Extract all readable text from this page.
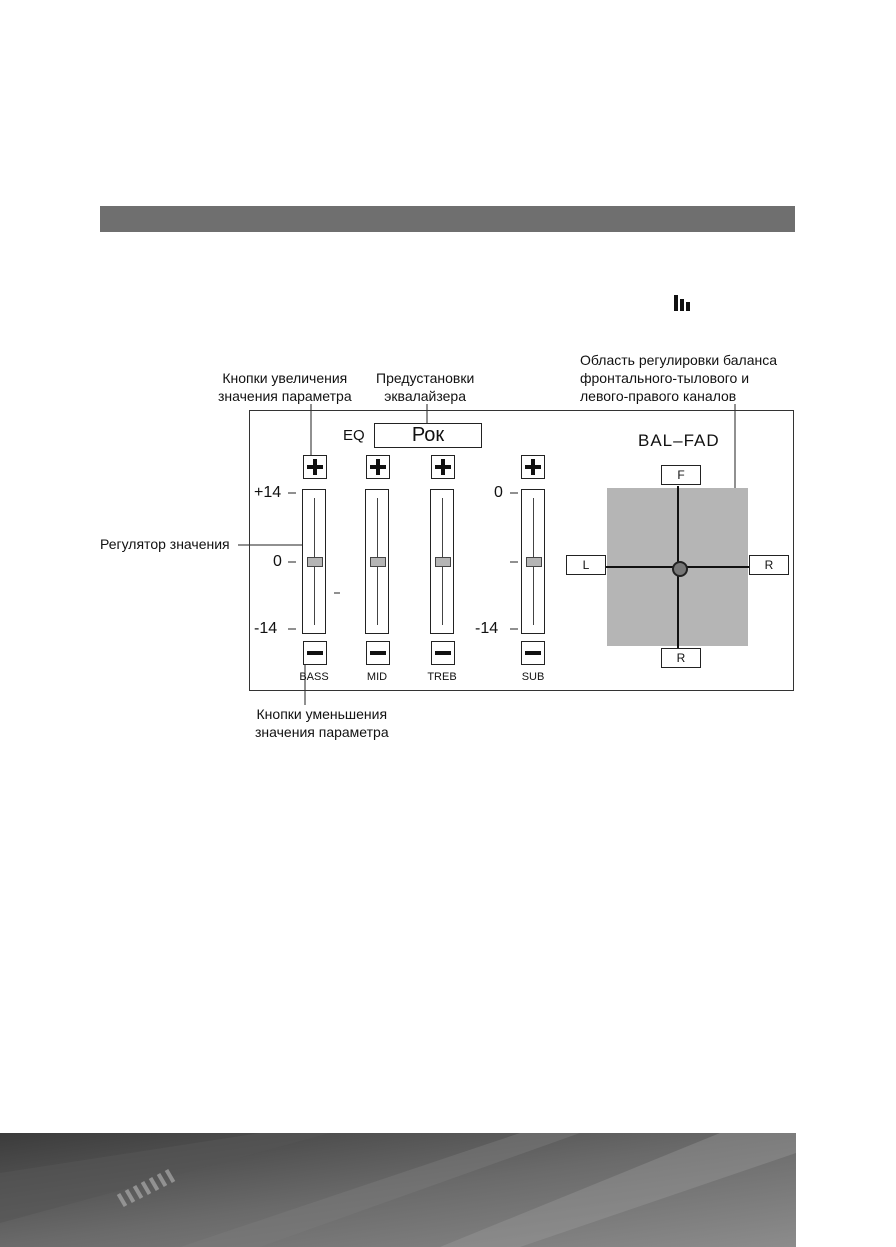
Кнопки увеличения
значения параметра
Предустановки
эквалайзера
Область регулировки баланса
фронтального-тылового и
левого-правого каналов
Регулятор значения
Кнопки уменьшения
значения параметра
EQ	Рок
+14
0
-14
0
-14
BASS	MID	TREB	SUB
BAL–FAD
F
R
L	R
